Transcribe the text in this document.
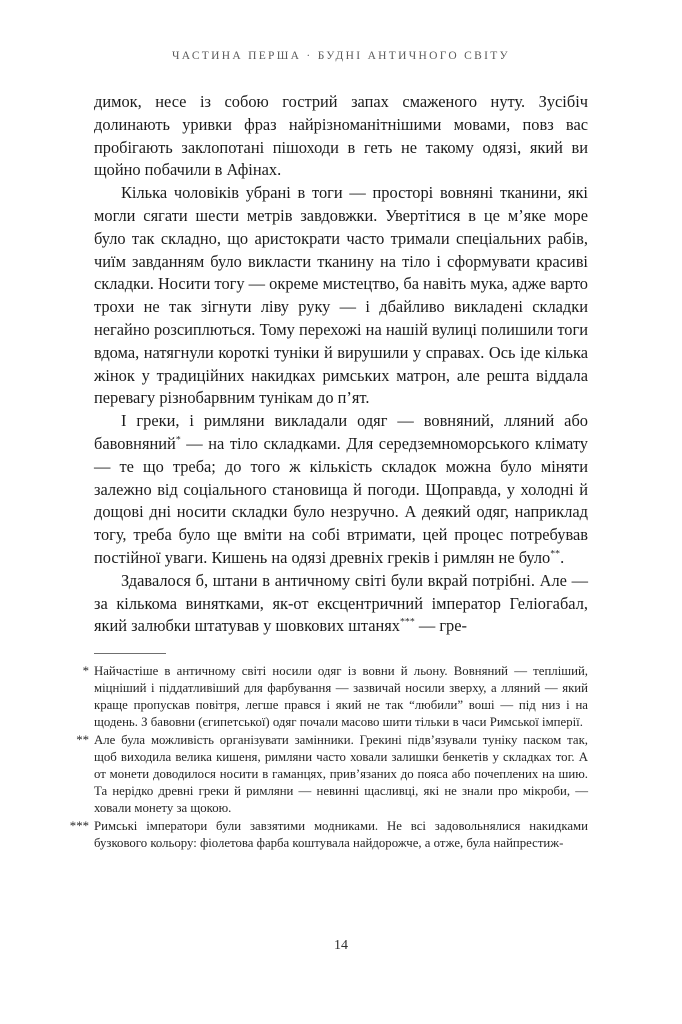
ЧАСТИНА ПЕРША · БУДНІ АНТИЧНОГО СВІТУ

димок, несе із собою гострий запах смаженого нуту. Зусібіч долинають уривки фраз найрізноманітнішими мовами, повз вас пробігають заклопотані пішоходи в геть не такому одязі, який ви щойно побачили в Афінах.

Кілька чоловіків убрані в тоги — просторі вовняні тканини, які могли сягати шести метрів завдовжки. Увертітися в це м’яке море було так складно, що аристократи часто тримали спеціальних рабів, чиїм завданням було викласти тканину на тіло і сформувати красиві складки. Носити тогу — окреме мистецтво, ба навіть мука, адже варто трохи не так зігнути ліву руку — і дбайливо викладені складки негайно розсиплються. Тому перехожі на нашій вулиці полишили тоги вдома, натягнули короткі туніки й вирушили у справах. Ось іде кілька жінок у традиційних накидках римських матрон, але решта віддала перевагу різнобарвним тунікам до п’ят.

І греки, і римляни викладали одяг — вовняний, лляний або бавовняний* — на тіло складками. Для середземноморського клімату — те що треба; до того ж кількість складок можна було міняти залежно від соціального становища й погоди. Щоправда, у холодні й дощові дні носити складки було незручно. А деякий одяг, наприклад тогу, треба було ще вміти на собі втримати, цей процес потребував постійної уваги. Кишень на одязі древніх греків і римлян не було**.

Здавалося б, штани в античному світі були вкрай потрібні. Але — за кількома винятками, як-от ексцентричний імператор Геліогабал, який залюбки штатував у шовкових штанях*** — гре-

* Найчастіше в античному світі носили одяг із вовни й льону. Вовняний — тепліший, міцніший і піддатливіший для фарбування — зазвичай носили зверху, а лляний — який краще пропускав повітря, легше прався і який не так “любили” воші — під низ і на щодень. З бавовни (єгипетської) одяг почали масово шити тільки в часи Римської імперії.
** Але була можливість організувати замінники. Грекині підв’язували туніку паском так, щоб виходила велика кишеня, римляни часто ховали залишки бенкетів у складках тог. А от монети доводилося носити в гаманцях, прив’язаних до пояса або почеплених на шию. Та нерідко древні греки й римляни — невинні щасливці, які не знали про мікроби, — ховали монету за щокою.
*** Римські імператори були завзятими модниками. Не всі задовольнялися накидками бузкового кольору: фіолетова фарба коштувала найдорожче, а отже, була найпрестиж-
14
